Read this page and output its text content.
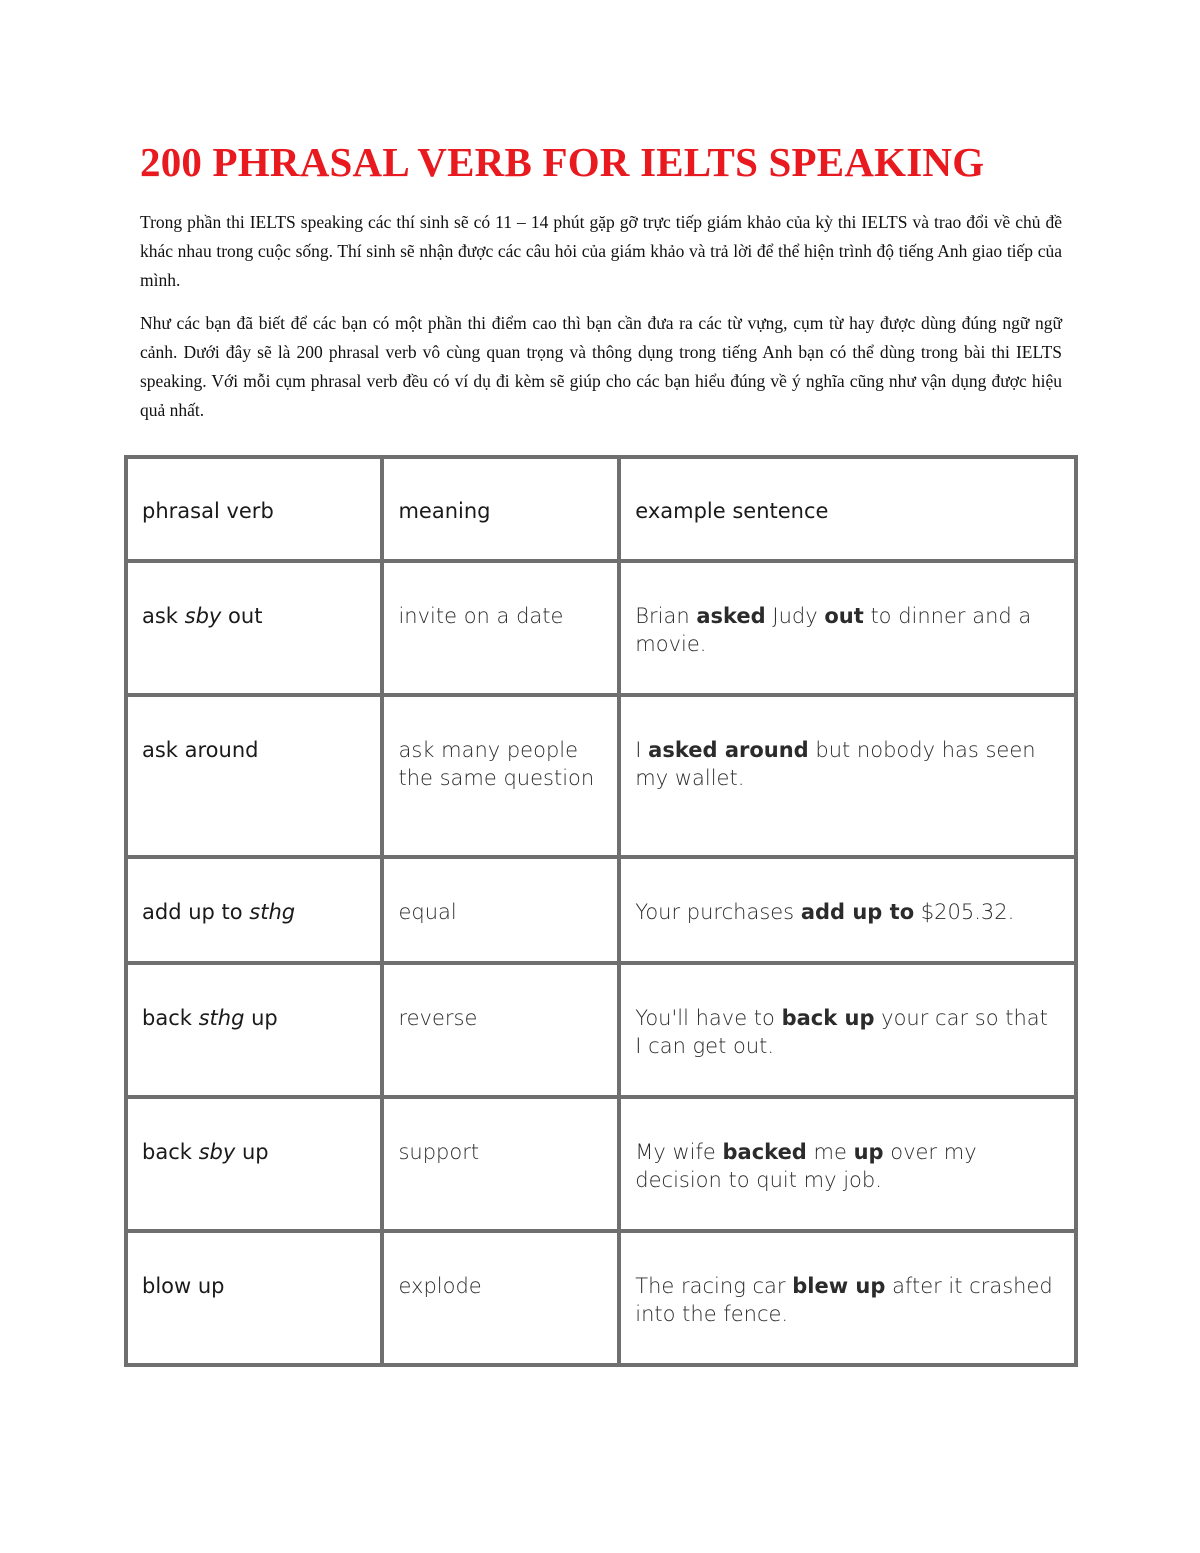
200 PHRASAL VERB FOR IELTS SPEAKING

Trong phần thi IELTS speaking các thí sinh sẽ có 11 – 14 phút gặp gỡ trực tiếp giám khảo của kỳ thi IELTS và trao đổi về chủ đề khác nhau trong cuộc sống. Thí sinh sẽ nhận được các câu hỏi của giám khảo và trả lời để thể hiện trình độ tiếng Anh giao tiếp của mình.

Như các bạn đã biết để các bạn có một phần thi điểm cao thì bạn cần đưa ra các từ vựng, cụm từ hay được dùng đúng ngữ ngữ cảnh. Dưới đây sẽ là 200 phrasal verb vô cùng quan trọng và thông dụng trong tiếng Anh bạn có thể dùng trong bài thi IELTS speaking. Với mỗi cụm phrasal verb đều có ví dụ đi kèm sẽ giúp cho các bạn hiểu đúng về ý nghĩa cũng như vận dụng được hiệu quả nhất.

phrasal verb	meaning	example sentence
ask sby out	invite on a date	Brian asked Judy out to dinner and a movie.
ask around	ask many people the same question	I asked around but nobody has seen my wallet.
add up to sthg	equal	Your purchases add up to $205.32.
back sthg up	reverse	You'll have to back up your car so that I can get out.
back sby up	support	My wife backed me up over my decision to quit my job.
blow up	explode	The racing car blew up after it crashed into the fence.
